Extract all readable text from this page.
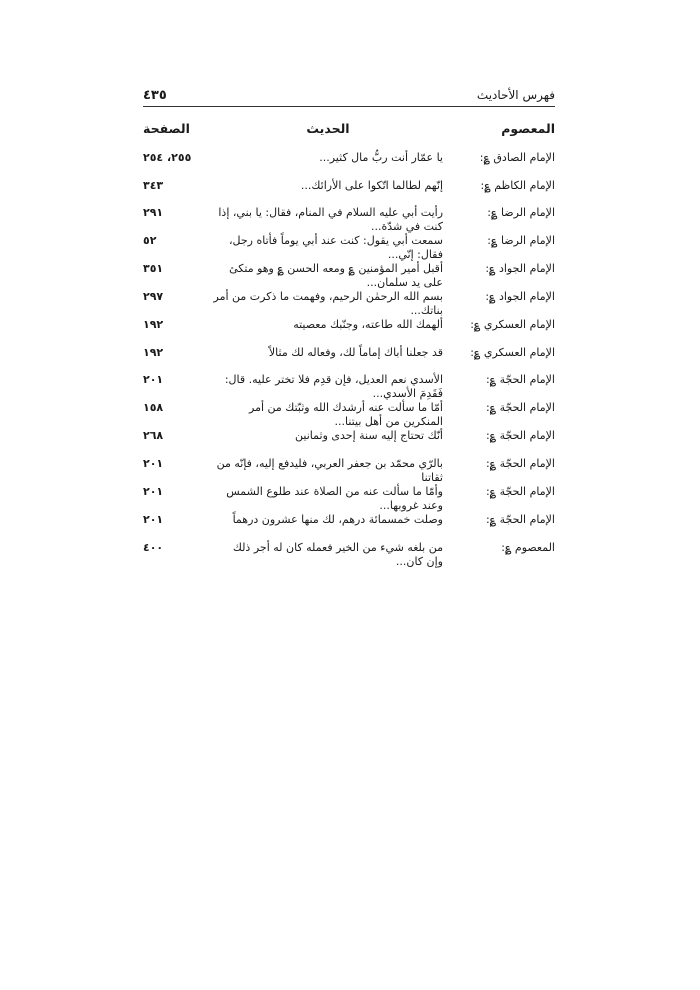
٤٣٥	فهرس الأحاديث
المعصوم
الحديث
الصفحة
الإمام الصادق ؏:
يا عمّار أنت ربُّ مال كثير...
٢٥٥، ٢٥٤
الإمام الكاظم ؏:
إنّهم لطالما اتّكوا على الأرائك...
٣٤٣
الإمام الرضا ؏:
رأيت أبي عليه السلام في المنام، فقال: يا بني، إذا كنت في شدّة...
٢٩١
الإمام الرضا ؏:
سمعت أبي يقول: كنت عند أبي يوماً فأتاه رجل، فقال: إنّي...
٥٢
الإمام الجواد ؏:
أقبل أمير المؤمنين ؏ ومعه الحسن ؏ وهو متكئ على يد سلمان...
٣٥١
الإمام الجواد ؏:
بسم الله الرحمٰن الرحيم، وفهمت ما ذكرت من أمر بناتك...
٢٩٧
الإمام العسكري ؏:
ألهمك الله طاعته، وجنّبك معصيته
١٩٢
الإمام العسكري ؏:
قد جعلنا أباك إماماً لك، وفعاله لك مثالاً
١٩٢
الإمام الحجّة ؏:
الأسدي نعم العديل، فإن قدِم فلا تختر عليه. قال: فَقَدِمَ الأسدي...
٢٠١
الإمام الحجّة ؏:
أمّا ما سألت عنه أرشدك الله وثبّتك من أمر المنكرين من أهل بيتنا...
١٥٨
الإمام الحجّة ؏:
أنّك تحتاج إليه سنة إحدى وثمانين
٢٦٨
الإمام الحجّة ؏:
بالرّي محمّد بن جعفر العربي، فليدفع إليه، فإنّه من ثقاتنا
٢٠١
الإمام الحجّة ؏:
وأمّا ما سألت عنه من الصلاة عند طلوع الشمس وعند غروبها...
٢٠١
الإمام الحجّة ؏:
وصلت خمسمائة درهم، لك منها عشرون درهماً
٢٠١
المعصوم ؏:
من بلغه شيء من الخير فعمله كان له أجر ذلك وإن كان...
٤٠٠
